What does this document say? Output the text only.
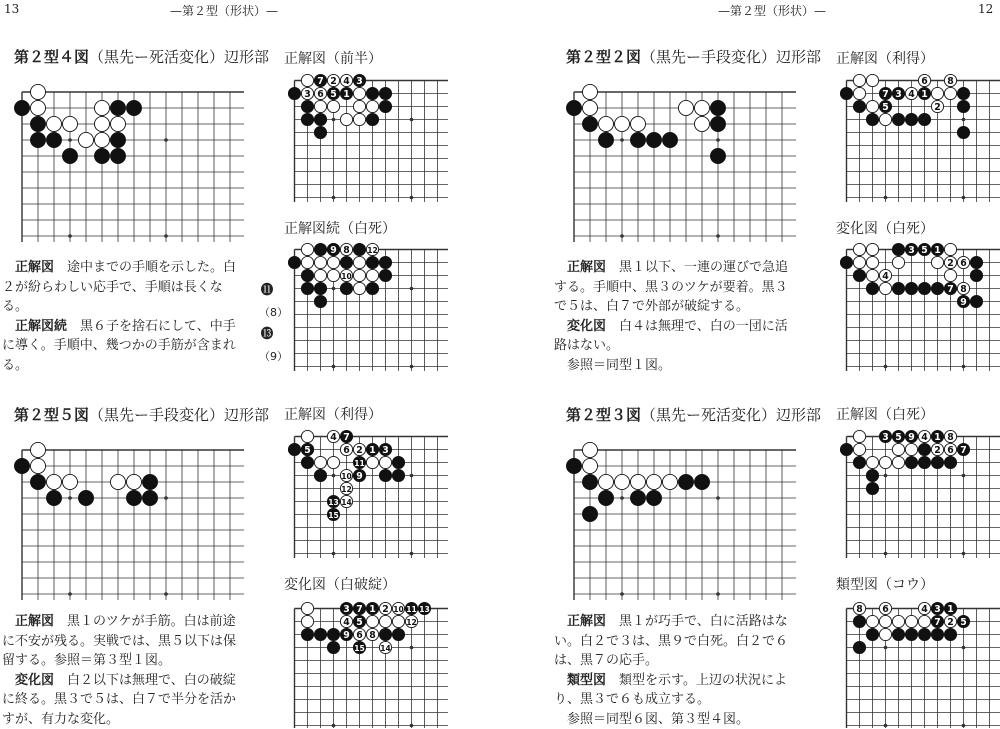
13	—第２型（形状）—	—第２型（形状）—	12
第２型４図（黒先ー死活変化）辺形部
第２型５図（黒先ー手段変化）辺形部
第２型２図（黒先ー手段変化）辺形部
第２型３図（黒先ー死活変化）辺形部
正解図（前半）
正解図続（白死）
正解図（利得）
変化図（白破綻）
正解図（利得）
変化図（白死）
正解図（白死）
類型図（コウ）
⓫
（8）
⓭
（9）
3 6
7 2
5
4
1
3
9 8
10
12
4 7
5	6 2 1 3
11
10 9
12
13 14
15
3 7 1 2 10 11 13
4 5	12
9 6 8
15 14
7 3 4 1
6 8
5	2
4
3 5 1
2 6
7 8
9
3 5 9 4 1 8
2 6 7
8 6	4 3 1
7 2 5

正解図　途中までの手順を示した。白２が紛らわしい応手で、手順は長くなる。

正解図続　黒６子を捨石にして、中手に導く。手順中、幾つかの手筋が含まれる。

正解図　黒１のツケが手筋。白は前途に不安が残る。実戦では、黒５以下は保留する。参照＝第３型１図。

変化図　白２以下は無理で、白の破綻に終る。黒３で５は、白７で半分を活かすが、有力な変化。

正解図　黒１以下、一連の運びで急追する。手順中、黒３のツケが要着。黒３で５は、白７で外部が破綻する。

変化図　白４は無理で、白の一団に活路はない。

参照＝同型１図。

正解図　黒１が巧手で、白に活路はない。白２で３は、黒９で白死。白２で６は、黒７の応手。

類型図　類型を示す。上辺の状況により、黒３で６も成立する。

参照＝同型６図、第３型４図。
